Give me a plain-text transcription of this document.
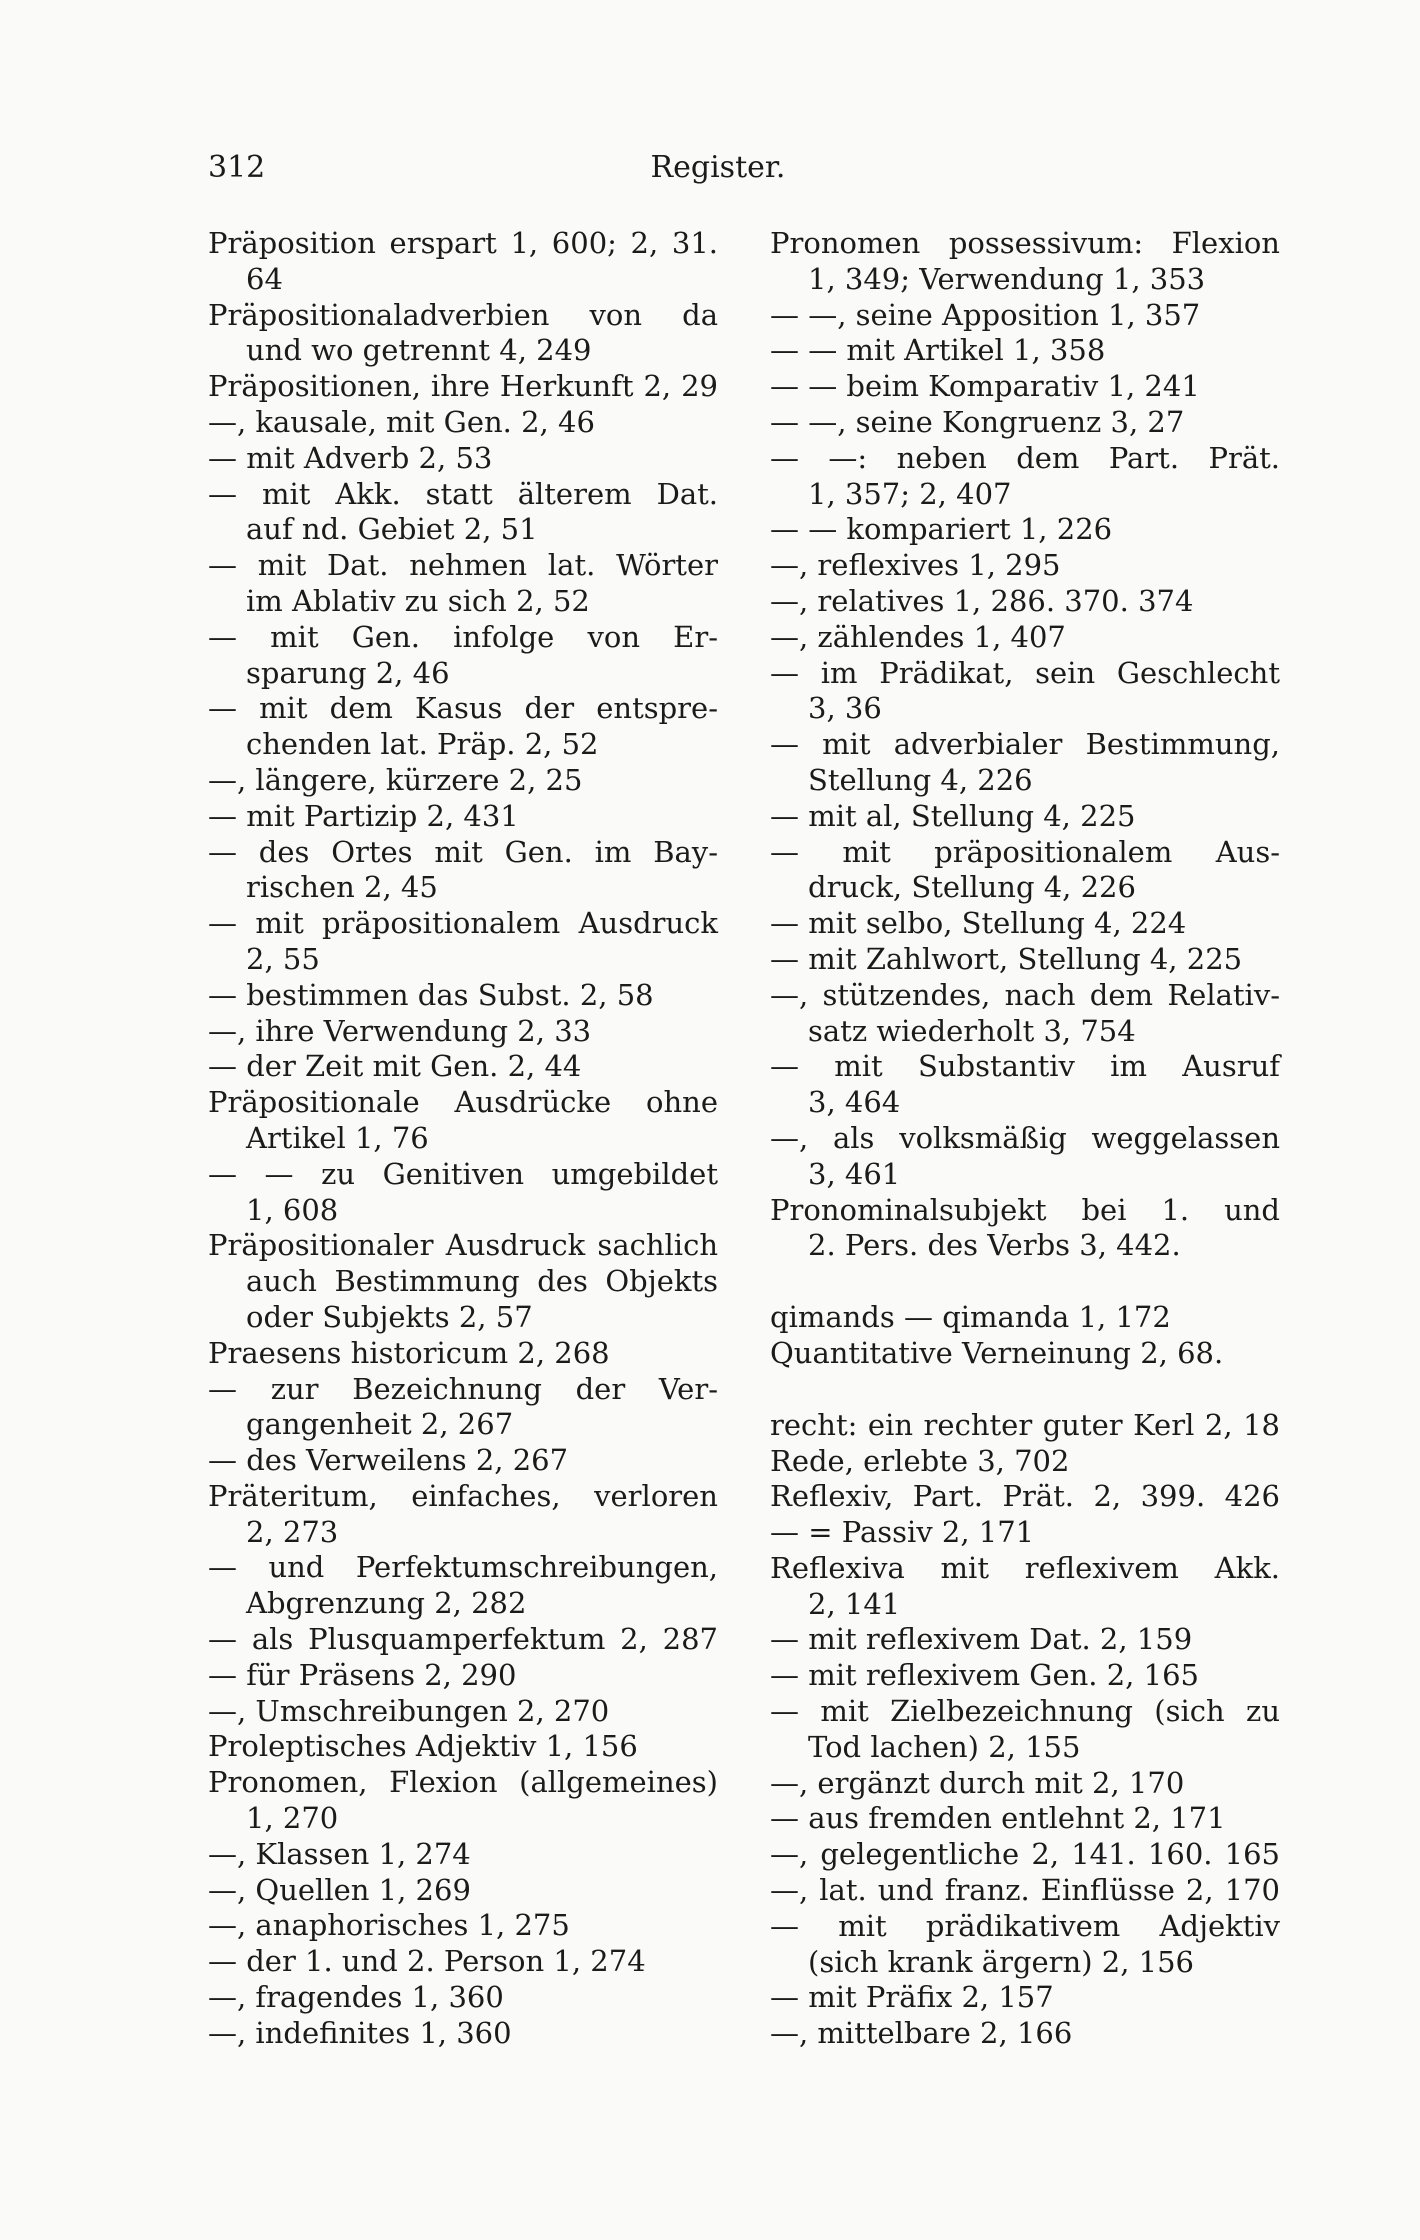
312	Register.
Präposition erspart 1, 600; 2, 31.
64
Präpositionaladverbien von da
und wo getrennt 4, 249
Präpositionen, ihre Herkunft 2, 29
—, kausale, mit Gen. 2, 46
— mit Adverb 2, 53
— mit Akk. statt älterem Dat.
auf nd. Gebiet 2, 51
— mit Dat. nehmen lat. Wörter
im Ablativ zu sich 2, 52
— mit Gen. infolge von Er-
sparung 2, 46
— mit dem Kasus der entspre-
chenden lat. Präp. 2, 52
—, längere, kürzere 2, 25
— mit Partizip 2, 431
— des Ortes mit Gen. im Bay-
rischen 2, 45
— mit präpositionalem Ausdruck
2, 55
— bestimmen das Subst. 2, 58
—, ihre Verwendung 2, 33
— der Zeit mit Gen. 2, 44
Präpositionale Ausdrücke ohne
Artikel 1, 76
— — zu Genitiven umgebildet
1, 608
Präpositionaler Ausdruck sachlich
auch Bestimmung des Objekts
oder Subjekts 2, 57
Praesens historicum 2, 268
— zur Bezeichnung der Ver-
gangenheit 2, 267
— des Verweilens 2, 267
Präteritum, einfaches, verloren
2, 273
— und Perfektumschreibungen,
Abgrenzung 2, 282
— als Plusquamperfektum 2, 287
— für Präsens 2, 290
—, Umschreibungen 2, 270
Proleptisches Adjektiv 1, 156
Pronomen, Flexion (allgemeines)
1, 270
—, Klassen 1, 274
—, Quellen 1, 269
—, anaphorisches 1, 275
— der 1. und 2. Person 1, 274
—, fragendes 1, 360
—, indefinites 1, 360
Pronomen possessivum: Flexion
1, 349; Verwendung 1, 353
— —, seine Apposition 1, 357
— — mit Artikel 1, 358
— — beim Komparativ 1, 241
— —, seine Kongruenz 3, 27
— —: neben dem Part. Prät.
1, 357; 2, 407
— — kompariert 1, 226
—, reflexives 1, 295
—, relatives 1, 286. 370. 374
—, zählendes 1, 407
— im Prädikat, sein Geschlecht
3, 36
— mit adverbialer Bestimmung,
Stellung 4, 226
— mit al, Stellung 4, 225
— mit präpositionalem Aus-
druck, Stellung 4, 226
— mit selbo, Stellung 4, 224
— mit Zahlwort, Stellung 4, 225
—, stützendes, nach dem Relativ-
satz wiederholt 3, 754
— mit Substantiv im Ausruf
3, 464
—, als volksmäßig weggelassen
3, 461
Pronominalsubjekt bei 1. und
2. Pers. des Verbs 3, 442.
qimands — qimanda 1, 172
Quantitative Verneinung 2, 68.
recht: ein rechter guter Kerl 2, 18
Rede, erlebte 3, 702
Reflexiv, Part. Prät. 2, 399. 426
— = Passiv 2, 171
Reflexiva mit reflexivem Akk.
2, 141
— mit reflexivem Dat. 2, 159
— mit reflexivem Gen. 2, 165
— mit Zielbezeichnung (sich zu
Tod lachen) 2, 155
—, ergänzt durch mit 2, 170
— aus fremden entlehnt 2, 171
—, gelegentliche 2, 141. 160. 165
—, lat. und franz. Einflüsse 2, 170
— mit prädikativem Adjektiv
(sich krank ärgern) 2, 156
— mit Präfix 2, 157
—, mittelbare 2, 166
